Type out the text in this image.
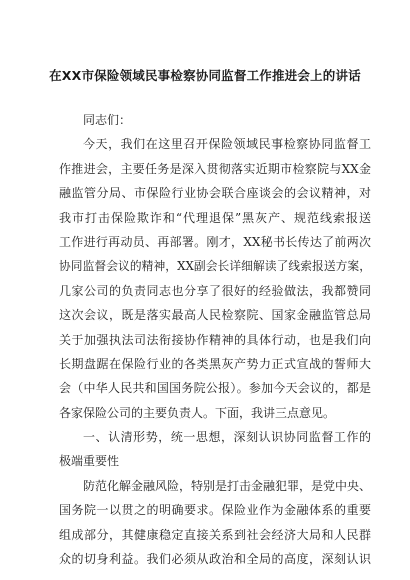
在XX市保险领域民事检察协同监督工作推进会上的讲话
同志们：
今天，我们在这里召开保险领域民事检察协同监督工
作推进会，主要任务是深入贯彻落实近期市检察院与XX金
融监管分局、市保险行业协会联合座谈会的会议精神，对
我市打击保险欺诈和“代理退保”黑灰产、规范线索报送
工作进行再动员、再部署。刚才，XX秘书长传达了前两次
协同监督会议的精神，XX副会长详细解读了线索报送方案，
几家公司的负责同志也分享了很好的经验做法，我都赞同
这次会议，既是落实最高人民检察院、国家金融监管总局
关于加强执法司法衔接协作精神的具体行动，也是我们向
长期盘踞在保险行业的各类黑灰产势力正式宣战的誓师大
会（中华人民共和国国务院公报）。参加今天会议的，都是
各家保险公司的主要负责人。下面，我讲三点意见。
一、认清形势，统一思想，深刻认识协同监督工作的
极端重要性
防范化解金融风险，特别是打击金融犯罪，是党中央、
国务院一以贯之的明确要求。保险业作为金融体系的重要
组成部分，其健康稳定直接关系到社会经济大局和人民群
众的切身利益。我们必须从政治和全局的高度，深刻认识
